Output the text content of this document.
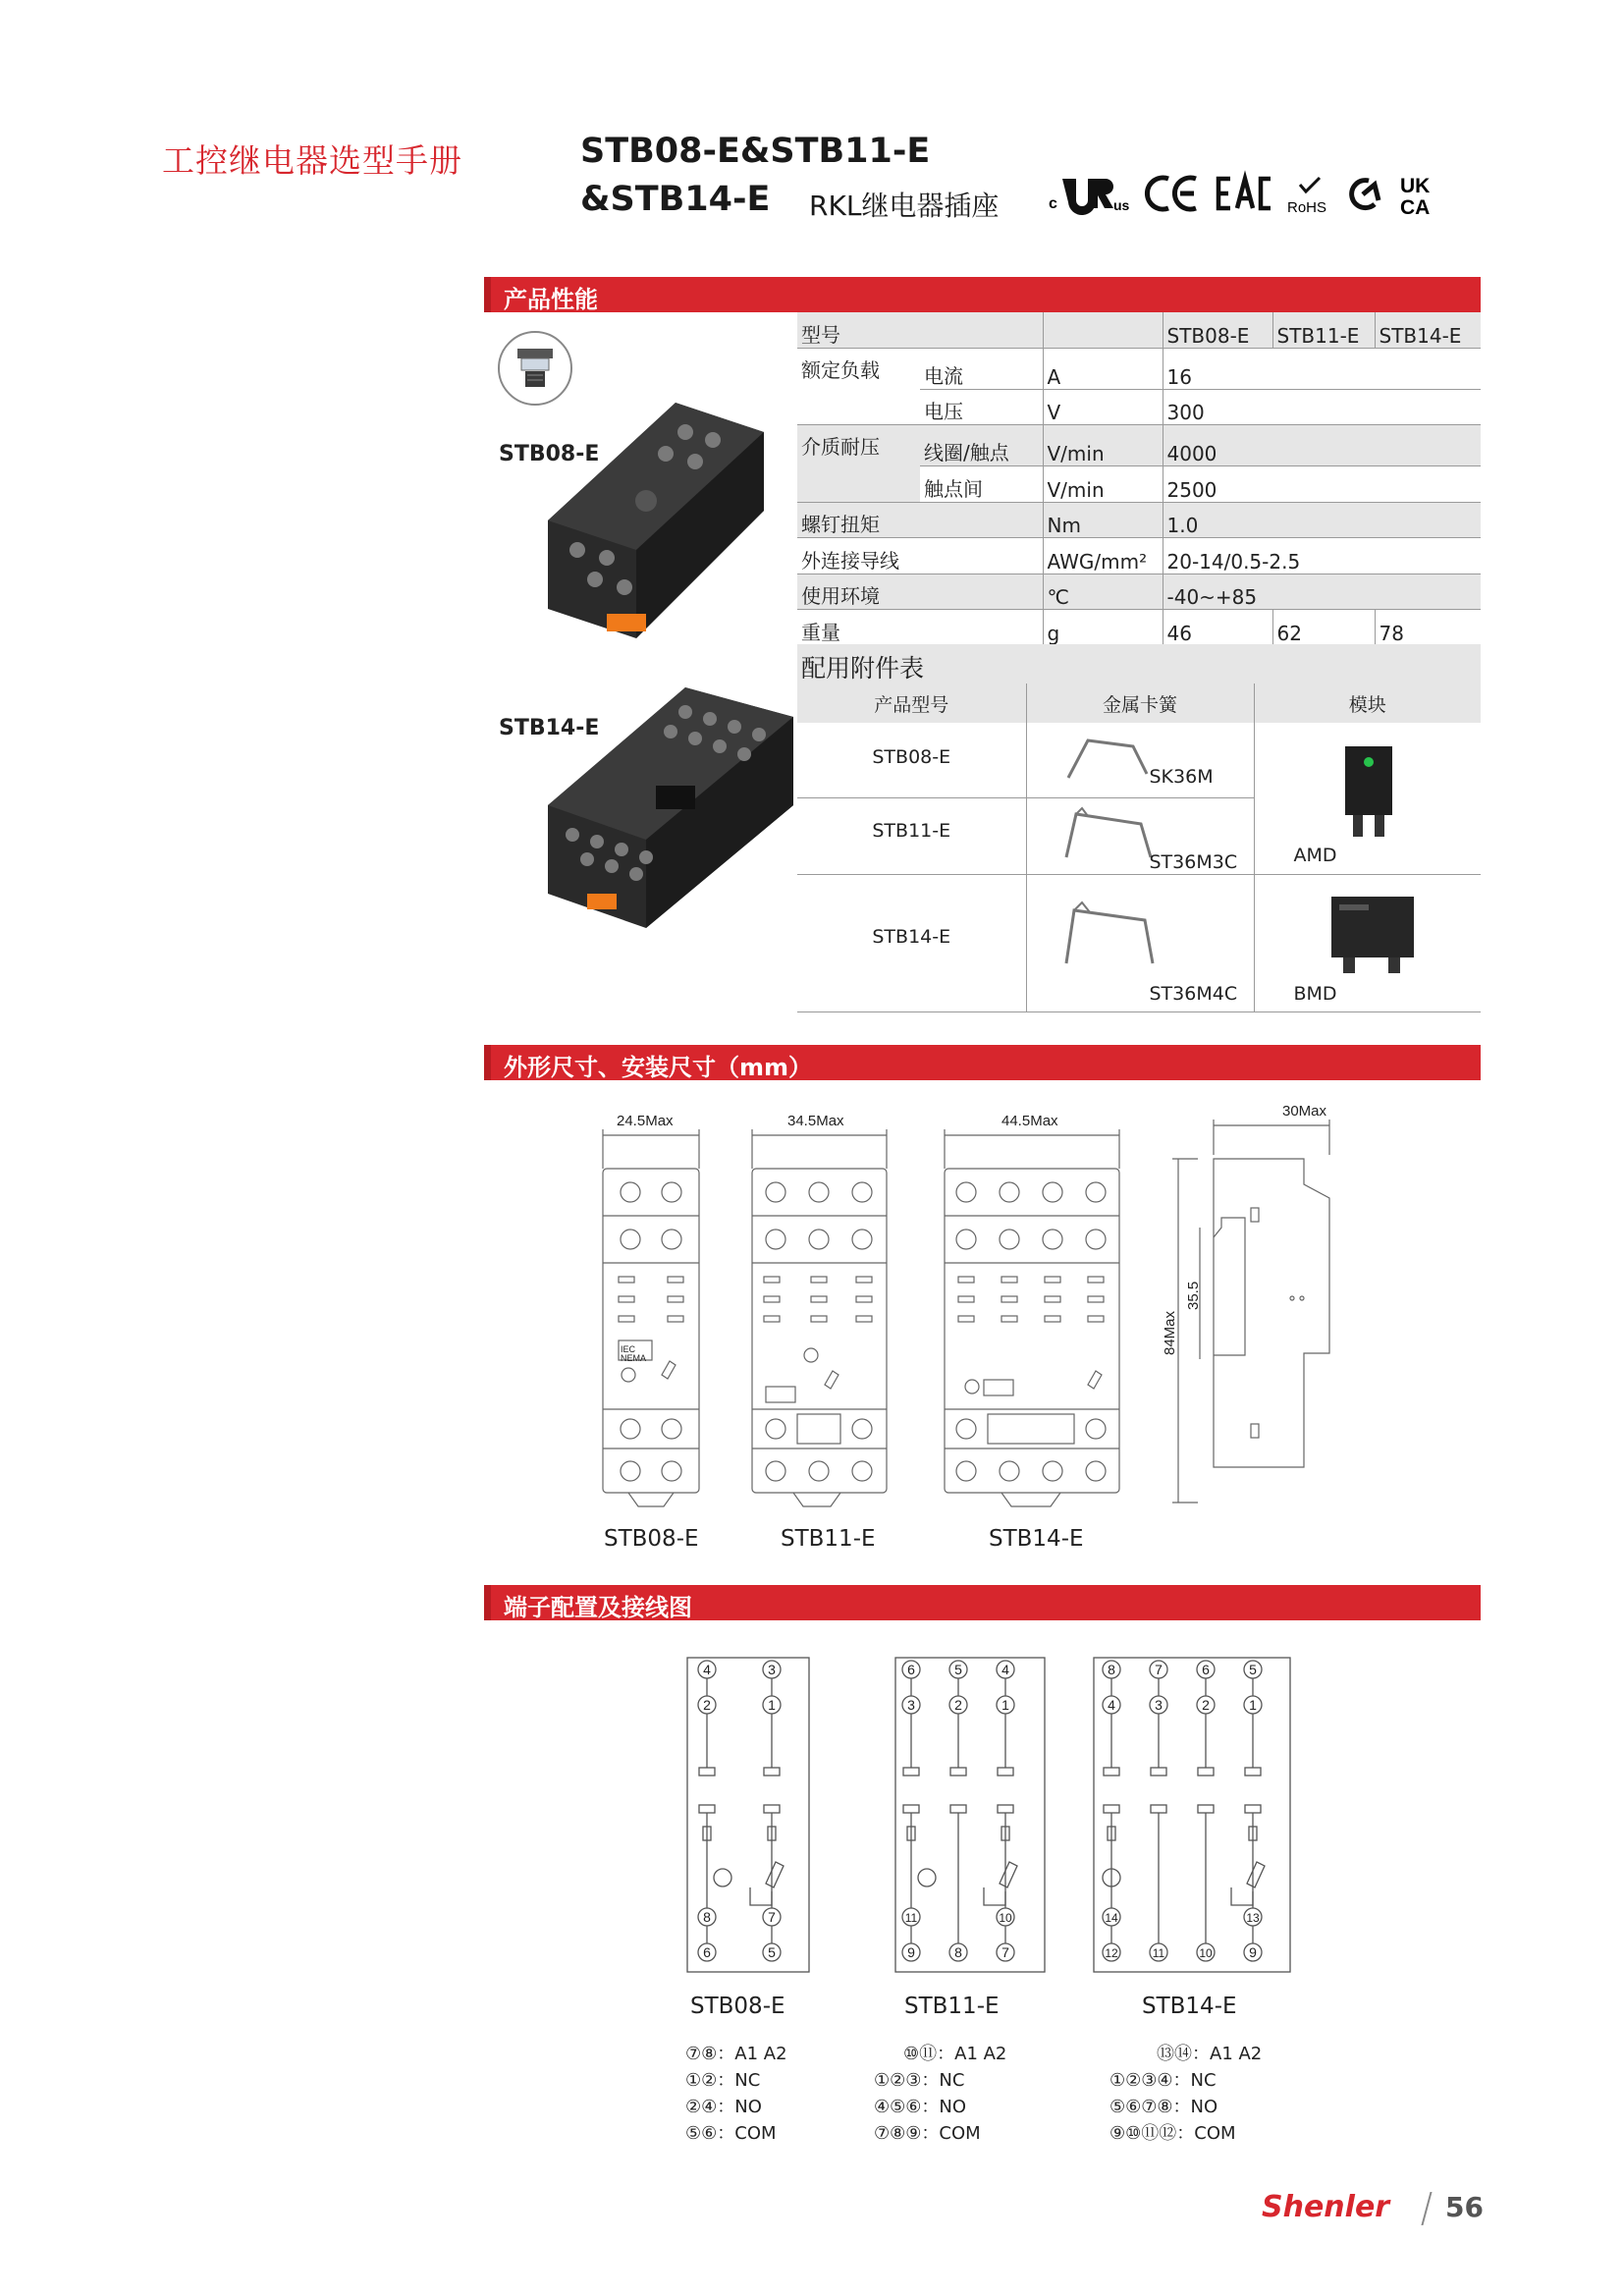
工控继电器选型手册	STB08-E&STB11-E
&STB14-E RKL继电器插座	c	us	RoHS
UK
CA
产品性能
STB08-E
STB14-E
型号			STB08-E	STB11-E	STB14-E
额定负载	电流	A	16		
	电压	V	300		
介质耐压	线圈/触点	V/min	4000		
	触点间	V/min	2500		
螺钉扭矩		Nm	1.0		
外连接导线		AWG/mm²	20-14/0.5-2.5		
使用环境		℃	-40~+85		
重量		g	46	62	78
配用附件表
产品型号	金属卡簧	模块
STB08-E	SK36M	AMD

STB11-E	ST36M3C	

STB14-E	ST36M4C	BMD
外形尺寸、安装尺寸（mm）
24.5Max	34.5Max	44.5Max
30Max
IEC
NEMA
84Max
35.5
STB08-E	STB11-E	STB14-E
端子配置及接线图
4	3
2	1
8	7
6	5
6	5	4
3	2	1
11	10
9	8	7
8	7	6	5
4	3	2	1
14	13
12	11	10	9
STB08-E	STB11-E	STB14-E
⑦⑧：A1 A2
①②：NC
②④：NO
⑤⑥：COM
⑩⑪：A1 A2
①②③：NC
④⑤⑥：NO
⑦⑧⑨：COM
⑬⑭：A1 A2
①②③④：NC
⑤⑥⑦⑧：NO
⑨⑩⑪⑫：COM
Shenler 56
